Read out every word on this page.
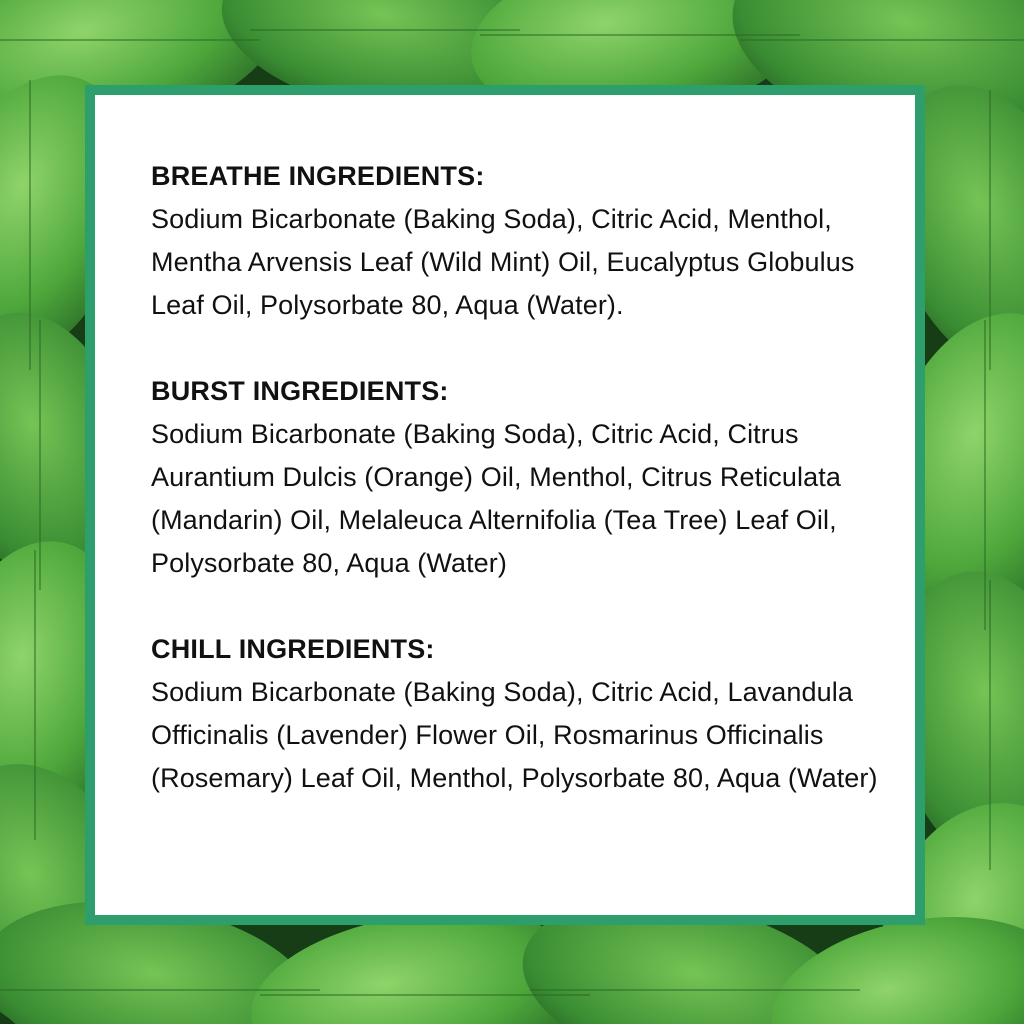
BREATHE INGREDIENTS:
Sodium Bicarbonate (Baking Soda), Citric Acid, Menthol, Mentha Arvensis Leaf (Wild Mint) Oil, Eucalyptus Globulus Leaf Oil, Polysorbate 80, Aqua (Water).
BURST INGREDIENTS:
Sodium Bicarbonate (Baking Soda), Citric Acid, Citrus Aurantium Dulcis (Orange) Oil, Menthol, Citrus Reticulata (Mandarin) Oil, Melaleuca Alternifolia (Tea Tree) Leaf Oil, Polysorbate 80, Aqua (Water)
CHILL INGREDIENTS:
Sodium Bicarbonate (Baking Soda), Citric Acid, Lavandula Officinalis (Lavender) Flower Oil, Rosmarinus Officinalis (Rosemary) Leaf Oil, Menthol, Polysorbate 80, Aqua (Water)
